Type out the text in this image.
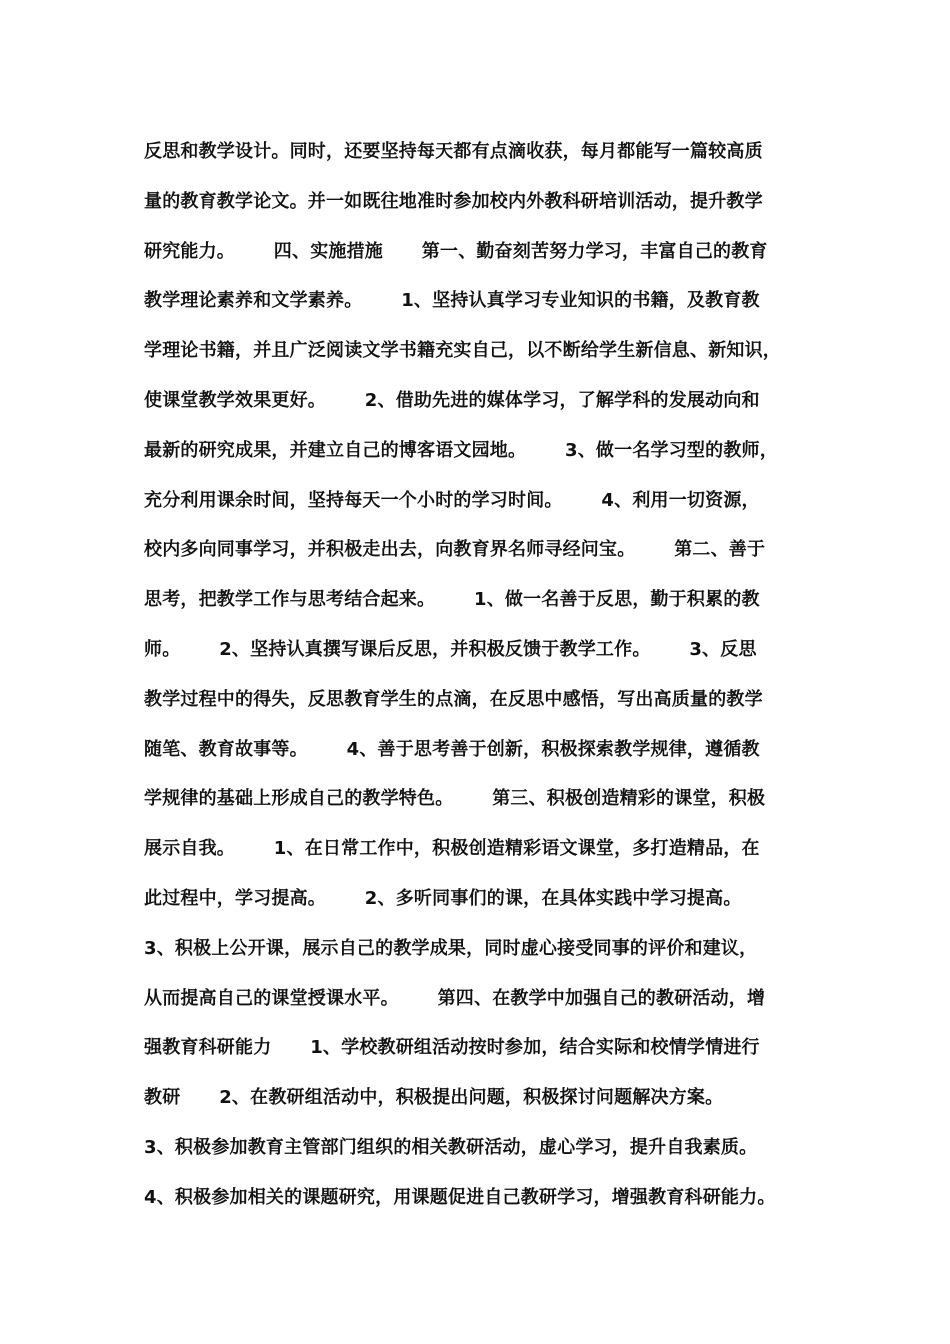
反思和教学设计。同时，还要坚持每天都有点滴收获，每月都能写一篇较高质
量的教育教学论文。并一如既往地准时参加校内外教科研培训活动，提升教学
研究能力。      四、实施措施      第一、勤奋刻苦努力学习，丰富自己的教育
教学理论素养和文学素养。      1、坚持认真学习专业知识的书籍，及教育教
学理论书籍，并且广泛阅读文学书籍充实自己，以不断给学生新信息、新知识，
使课堂教学效果更好。      2、借助先进的媒体学习，了解学科的发展动向和
最新的研究成果，并建立自己的博客语文园地。      3、做一名学习型的教师，
充分利用课余时间，坚持每天一个小时的学习时间。      4、利用一切资源，
校内多向同事学习，并积极走出去，向教育界名师寻经问宝。      第二、善于
思考，把教学工作与思考结合起来。      1、做一名善于反思，勤于积累的教
师。      2、坚持认真撰写课后反思，并积极反馈于教学工作。      3、反思
教学过程中的得失，反思教育学生的点滴，在反思中感悟，写出高质量的教学
随笔、教育故事等。      4、善于思考善于创新，积极探索教学规律，遵循教
学规律的基础上形成自己的教学特色。      第三、积极创造精彩的课堂，积极
展示自我。      1、在日常工作中，积极创造精彩语文课堂，多打造精品，在
此过程中，学习提高。      2、多听同事们的课，在具体实践中学习提高。
3、积极上公开课，展示自己的教学成果，同时虚心接受同事的评价和建议，
从而提高自己的课堂授课水平。      第四、在教学中加强自己的教研活动，增
强教育科研能力      1、学校教研组活动按时参加，结合实际和校情学情进行
教研      2、在教研组活动中，积极提出问题，积极探讨问题解决方案。
3、积极参加教育主管部门组织的相关教研活动，虚心学习，提升自我素质。
4、积极参加相关的课题研究，用课题促进自己教研学习，增强教育科研能力。
